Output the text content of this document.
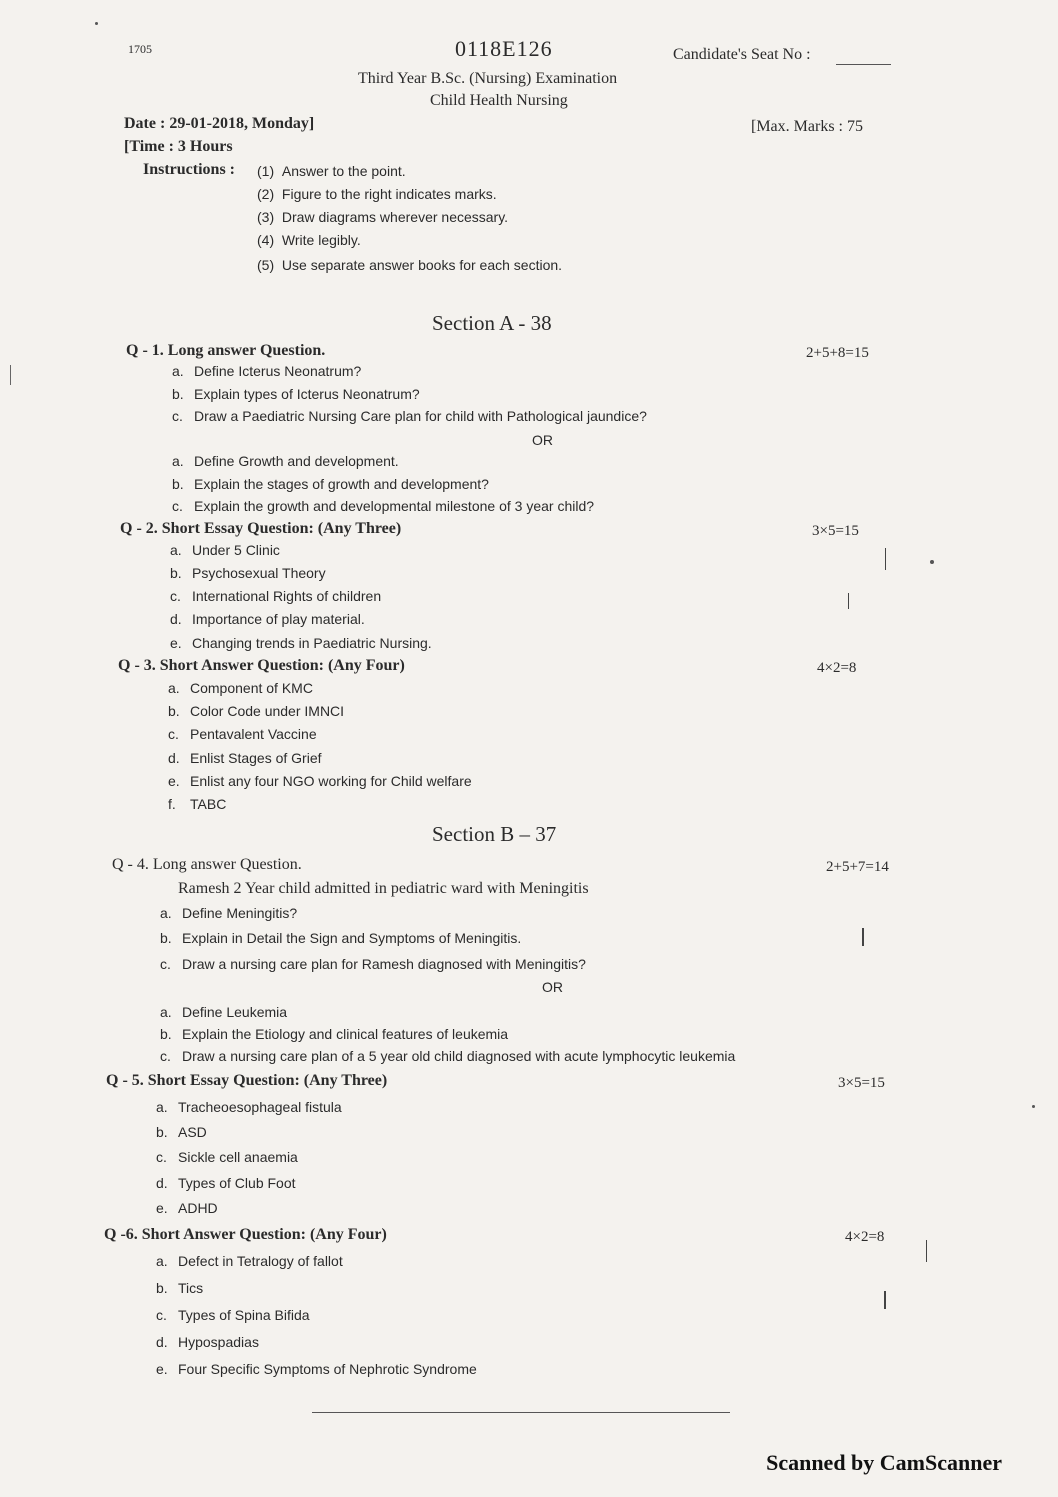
1705	0118E126	Candidate's Seat No :
Third Year B.Sc. (Nursing) Examination
Child Health Nursing
Date : 29-01-2018, Monday]	[Max. Marks : 75
[Time : 3 Hours
Instructions : (1) Answer to the point.
(2) Figure to the right indicates marks.
(3) Draw diagrams wherever necessary.
(4) Write legibly.
(5) Use separate answer books for each section.
Section A - 38
Q - 1. Long answer Question.	2+5+8=15
a. Define Icterus Neonatrum?
b. Explain types of Icterus Neonatrum?
c. Draw a Paediatric Nursing Care plan for child with Pathological jaundice?
OR
a. Define Growth and development.
b. Explain the stages of growth and development?
c. Explain the growth and developmental milestone of 3 year child?
Q - 2. Short Essay Question: (Any Three)	3×5=15
a. Under 5 Clinic
b. Psychosexual Theory
c. International Rights of children
d. Importance of play material.
e. Changing trends in Paediatric Nursing.
Q - 3. Short Answer Question: (Any Four)	4×2=8
a. Component of KMC
b. Color Code under IMNCI
c. Pentavalent Vaccine
d. Enlist Stages of Grief
e. Enlist any four NGO working for Child welfare
f. TABC
Section B – 37
Q - 4. Long answer Question.	2+5+7=14
Ramesh 2 Year child admitted in pediatric ward with Meningitis
a. Define Meningitis?
b. Explain in Detail the Sign and Symptoms of Meningitis.
c. Draw a nursing care plan for Ramesh diagnosed with Meningitis?
OR
a. Define Leukemia
b. Explain the Etiology and clinical features of leukemia
c. Draw a nursing care plan of a 5 year old child diagnosed with acute lymphocytic leukemia
Q - 5. Short Essay Question: (Any Three)	3×5=15
a. Tracheoesophageal fistula
b. ASD
c. Sickle cell anaemia
d. Types of Club Foot
e. ADHD
Q -6. Short Answer Question: (Any Four)	4×2=8
a. Defect in Tetralogy of fallot
b. Tics
c. Types of Spina Bifida
d. Hypospadias
e. Four Specific Symptoms of Nephrotic Syndrome
Scanned by CamScanner
